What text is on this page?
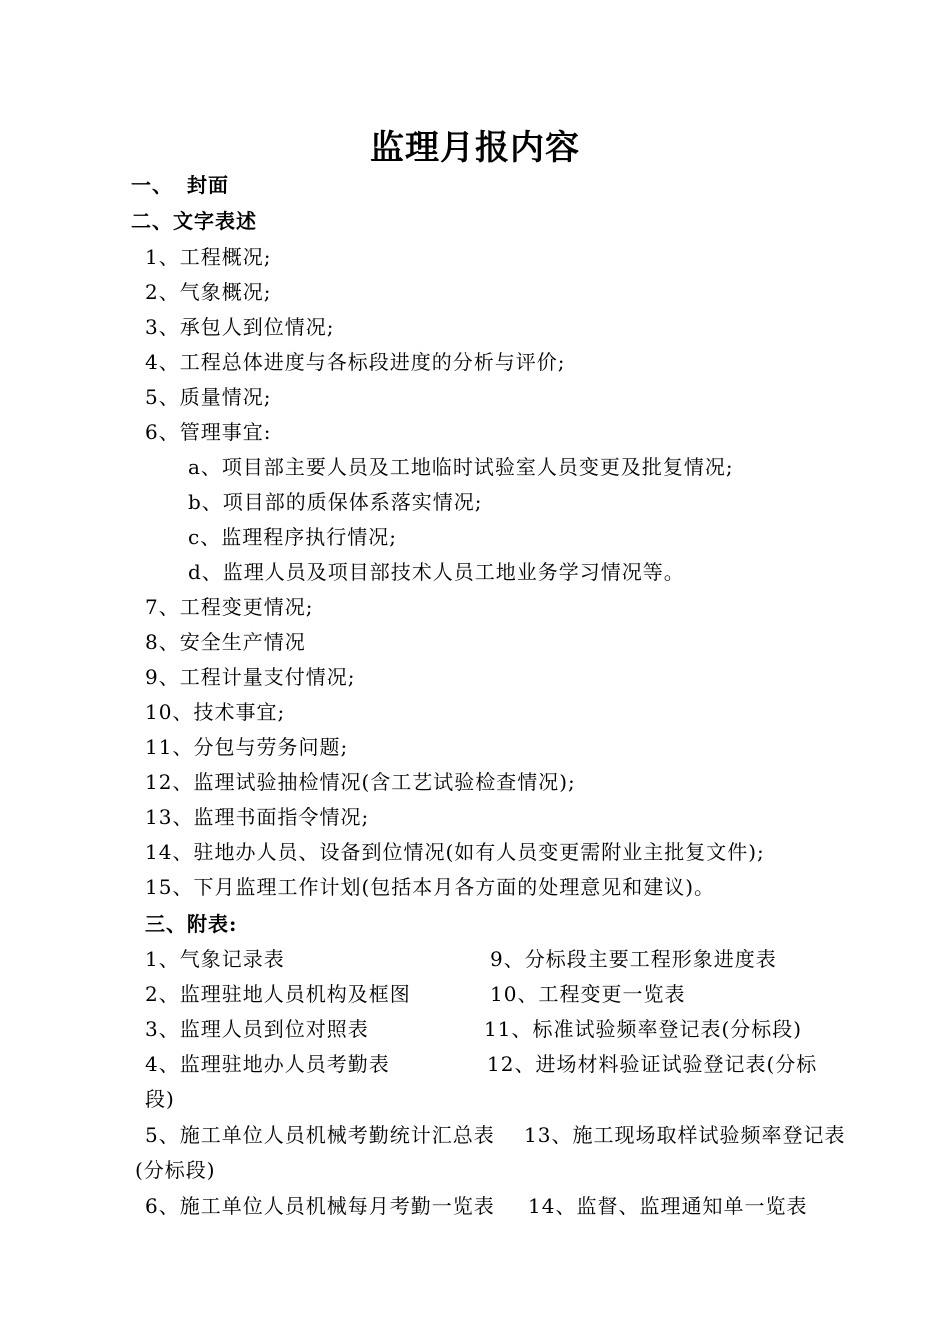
监理月报内容
一、 封面
二、文字表述
1、工程概况;
2、气象概况;
3、承包人到位情况;
4、工程总体进度与各标段进度的分析与评价;
5、质量情况;
6、管理事宜:
a、项目部主要人员及工地临时试验室人员变更及批复情况;
b、项目部的质保体系落实情况;
c、监理程序执行情况;
d、监理人员及项目部技术人员工地业务学习情况等。
7、工程变更情况;
8、安全生产情况
9、工程计量支付情况;
10、技术事宜;
11、分包与劳务问题;
12、监理试验抽检情况(含工艺试验检查情况);
13、监理书面指令情况;
14、驻地办人员、设备到位情况(如有人员变更需附业主批复文件);
15、下月监理工作计划(包括本月各方面的处理意见和建议)。
三、附表:
1、气象记录表	9、分标段主要工程形象进度表
2、监理驻地人员机构及框图	10、工程变更一览表
3、监理人员到位对照表	11、标准试验频率登记表(分标段)
4、监理驻地办人员考勤表	12、进场材料验证试验登记表(分标
段)
5、施工单位人员机械考勤统计汇总表 13、施工现场取样试验频率登记表
(分标段)
6、施工单位人员机械每月考勤一览表 14、监督、监理通知单一览表
